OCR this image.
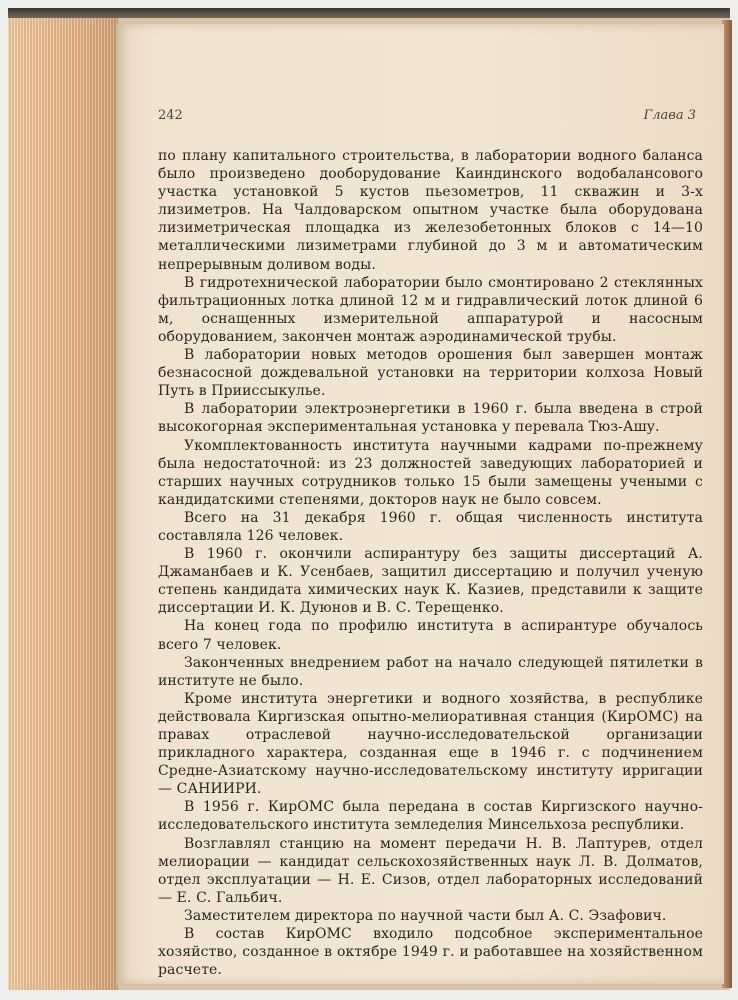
242	Глава 3

по плану капитального строительства, в лаборатории водного баланса было произведено дооборудование Каиндинского водобалансового участка установкой 5 кустов пьезометров, 11 скважин и 3-х лизиметров. На Чалдоварском опытном участке была оборудована лизиметрическая площадка из железобетонных блоков с 14—10 металлическими лизиметрами глубиной до 3 м и автоматическим непрерывным доливом воды.

В гидротехнической лаборатории было смонтировано 2 стеклянных фильтрационных лотка длиной 12 м и гидравлический лоток длиной 6 м, оснащенных измерительной аппаратурой и насосным оборудованием, закончен монтаж аэродинамической трубы.

В лаборатории новых методов орошения был завершен монтаж безнасосной дождевальной установки на территории колхоза Новый Путь в Прииссыкулье.

В лаборатории электроэнергетики в 1960 г. была введена в строй высокогорная экспериментальная установка у перевала Тюз-Ашу.

Укомплектованность института научными кадрами по-прежнему была недостаточной: из 23 должностей заведующих лабораторией и старших научных сотрудников только 15 были замещены учеными с кандидатскими степенями, докторов наук не было совсем.

Всего на 31 декабря 1960 г. общая численность института составляла 126 человек.

В 1960 г. окончили аспирантуру без защиты диссертаций А. Джаманбаев и К. Усенбаев, защитил диссертацию и получил ученую степень кандидата химических наук К. Казиев, представили к защите диссертации И. К. Дуюнов и В. С. Терещенко.

На конец года по профилю института в аспирантуре обучалось всего 7 человек.

Законченных внедрением работ на начало следующей пятилетки в институте не было.

Кроме института энергетики и водного хозяйства, в республике действовала Киргизская опытно-мелиоративная станция (КирОМС) на правах отраслевой научно-исследовательской организации прикладного характера, созданная еще в 1946 г. с подчинением Средне-Азиатскому научно-исследовательскому институту ирригации — САНИИРИ.

В 1956 г. КирОМС была передана в состав Киргизского научно-исследовательского института земледелия Минсельхоза республики.

Возглавлял станцию на момент передачи Н. В. Лаптурев, отдел мелиорации — кандидат сельскохозяйственных наук Л. В. Долматов, отдел эксплуатации — Н. Е. Сизов, отдел лабораторных исследований — Е. С. Гальбич.

Заместителем директора по научной части был А. С. Эзафович.

В состав КирОМС входило подсобное экспериментальное хозяйство, созданное в октябре 1949 г. и работавшее на хозяйственном расчете.
